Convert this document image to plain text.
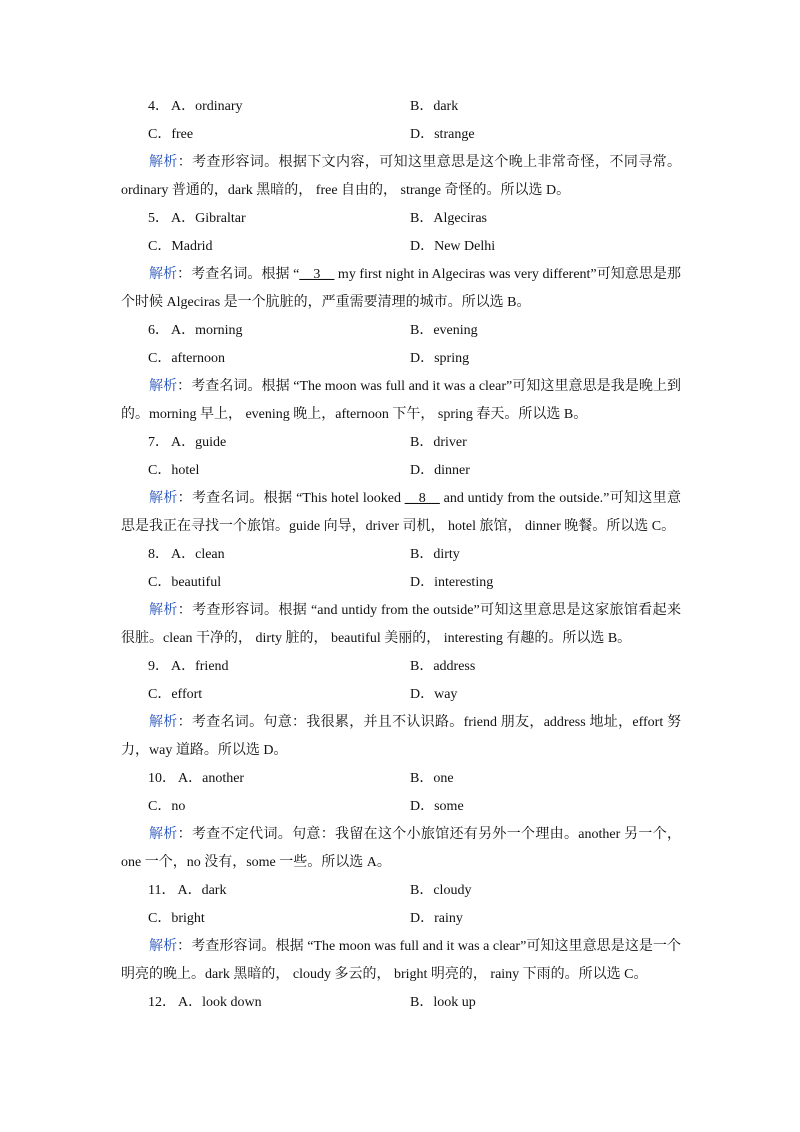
4． A．ordinary	B．dark
C．free	D．strange
解析：考查形容词。根据下文内容，可知这里意思是这个晚上非常奇怪，不同寻常。ordinary 普通的，dark 黑暗的， free 自由的， strange 奇怪的。所以选 D。
5． A．Gibraltar	B．Algeciras
C．Madrid	D．New Delhi
解析：考查名词。根据 “__3__ my first night in Algeciras was very different”可知意思是那个时候 Algeciras 是一个肮脏的，严重需要清理的城市。所以选 B。
6． A．morning	B．evening
C．afternoon	D．spring
解析：考查名词。根据 “The moon was full and it was a clear”可知这里意思是我是晚上到的。morning 早上， evening 晚上，afternoon 下午， spring 春天。所以选 B。
7． A．guide	B．driver
C．hotel	D．dinner
解析：考查名词。根据 “This hotel looked __8__ and untidy from the outside.”可知这里意思是我正在寻找一个旅馆。guide 向导，driver 司机， hotel 旅馆， dinner 晚餐。所以选 C。
8． A．clean	B．dirty
C．beautiful	D．interesting
解析：考查形容词。根据 “and untidy from the outside”可知这里意思是这家旅馆看起来很脏。clean 干净的， dirty 脏的， beautiful 美丽的， interesting 有趣的。所以选 B。
9． A．friend	B．address
C．effort	D．way
解析：考查名词。句意：我很累，并且不认识路。friend 朋友，address 地址，effort 努力，way 道路。所以选 D。
10． A．another	B．one
C．no	D．some
解析：考查不定代词。句意：我留在这个小旅馆还有另外一个理由。another 另一个，one 一个，no 没有，some 一些。所以选 A。
11． A．dark	B．cloudy
C．bright	D．rainy
解析：考查形容词。根据 “The moon was full and it was a clear”可知这里意思是这是一个明亮的晚上。dark 黑暗的， cloudy 多云的， bright 明亮的， rainy 下雨的。所以选 C。
12． A．look down	B．look up
